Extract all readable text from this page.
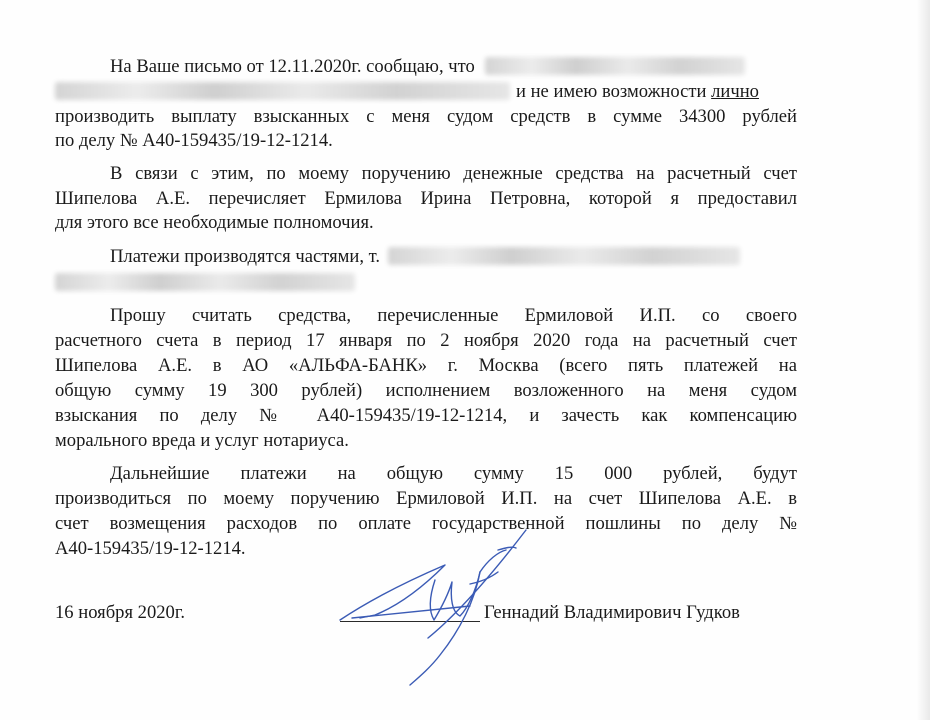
На Ваше письмо от 12.11.2020г. сообщаю, что
и не имею возможности лично
производить выплату взысканных с меня судом средств в сумме 34300 рублей
по делу № А40-159435/19-12-1214.
В связи с этим, по моему поручению денежные средства на расчетный счет
Шипелова А.Е. перечисляет Ермилова Ирина Петровна, которой я предоставил
для этого все необходимые полномочия.
Платежи производятся частями, т.
Прошу считать средства, перечисленные Ермиловой И.П. со своего
расчетного счета в период 17 января по 2 ноября 2020 года на расчетный счет
Шипелова А.Е. в АО «АЛЬФА-БАНК» г. Москва (всего пять платежей на
общую сумму 19 300 рублей) исполнением возложенного на меня судом
взыскания по делу № А40-159435/19-12-1214, и зачесть как компенсацию
морального вреда и услуг нотариуса.
Дальнейшие платежи на общую сумму 15 000 рублей, будут
производиться по моему поручению Ермиловой И.П. на счет Шипелова А.Е. в
счет возмещения расходов по оплате государственной пошлины по делу №
А40-159435/19-12-1214.
16 ноября 2020г.	Геннадий Владимирович Гудков
